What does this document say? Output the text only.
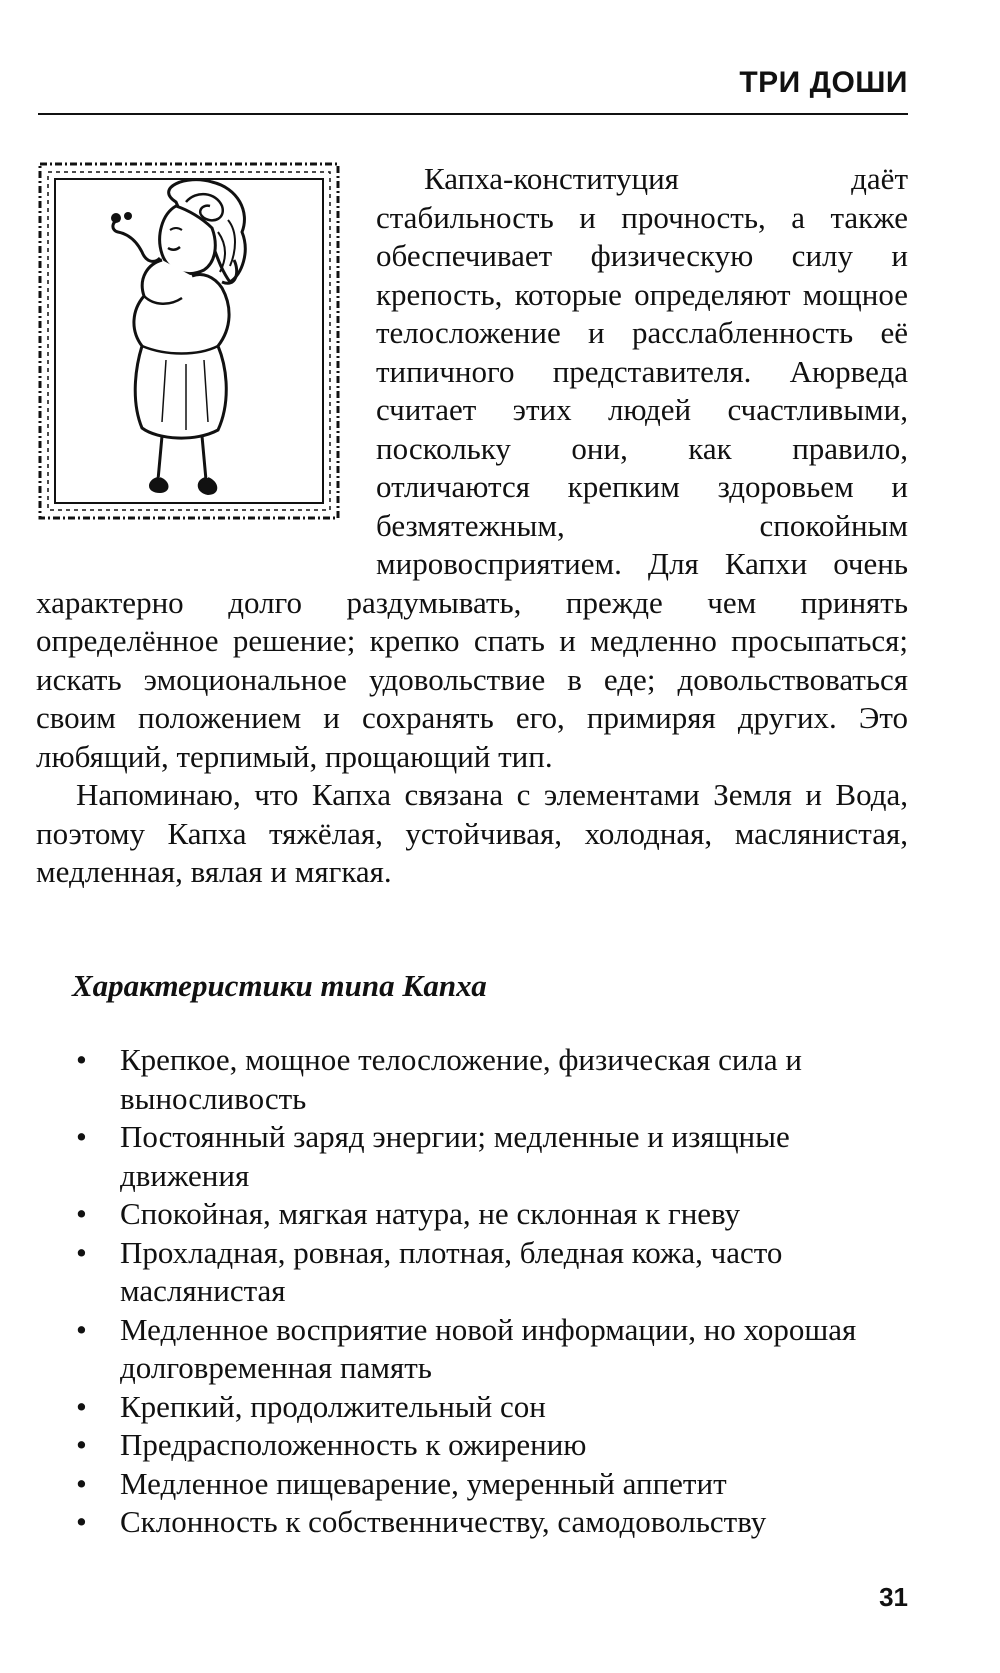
ТРИ ДОШИ

Капха-конституция даёт стабильность и прочность, а также обеспечивает физическую силу и крепость, которые определяют мощное телосложение и расслабленность её типичного представителя. Аюрведа считает этих людей счастливыми, поскольку они, как правило, отличаются крепким здоровьем и безмятежным, спокойным мировосприятием. Для Капхи очень характерно долго раздумывать, прежде чем принять определённое решение; крепко спать и медленно просыпаться; искать эмоциональное удовольствие в еде; довольствоваться своим положением и сохранять его, примиряя других. Это любящий, терпимый, прощающий тип.

Напоминаю, что Капха связана с элементами Земля и Вода, поэтому Капха тяжёлая, устойчивая, холодная, маслянистая, медленная, вялая и мягкая.

Характеристики типа Капха
• Крепкое, мощное телосложение, физическая сила и выносливость
• Постоянный заряд энергии; медленные и изящные движения
• Спокойная, мягкая натура, не склонная к гневу
• Прохладная, ровная, плотная, бледная кожа, часто маслянистая
• Медленное восприятие новой информации, но хорошая долговременная память
• Крепкий, продолжительный сон
• Предрасположенность к ожирению
• Медленное пищеварение, умеренный аппетит
• Склонность к собственничеству, самодовольству
31
